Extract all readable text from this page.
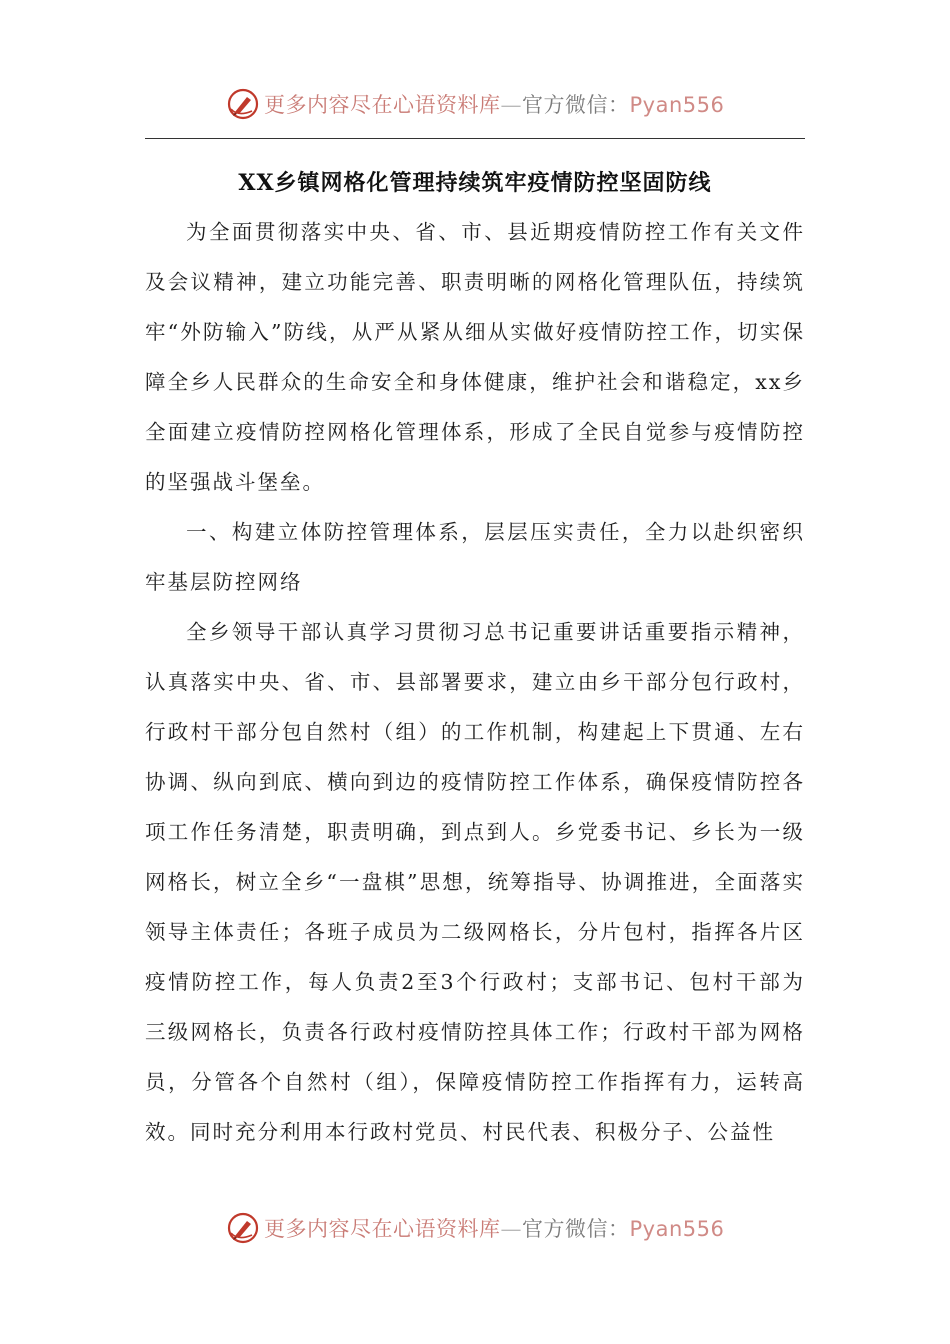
更多内容尽在心语资料库—官方微信：Pyan556
XX乡镇网格化管理持续筑牢疫情防控坚固防线

为全面贯彻落实中央、省、市、县近期疫情防控工作有关文件及会议精神，建立功能完善、职责明晰的网格化管理队伍，持续筑牢“外防输入”防线，从严从紧从细从实做好疫情防控工作，切实保障全乡人民群众的生命安全和身体健康，维护社会和谐稳定，xx乡全面建立疫情防控网格化管理体系，形成了全民自觉参与疫情防控的坚强战斗堡垒。

一、构建立体防控管理体系，层层压实责任，全力以赴织密织牢基层防控网络

全乡领导干部认真学习贯彻习总书记重要讲话重要指示精神，认真落实中央、省、市、县部署要求，建立由乡干部分包行政村，行政村干部分包自然村（组）的工作机制，构建起上下贯通、左右协调、纵向到底、横向到边的疫情防控工作体系，确保疫情防控各项工作任务清楚，职责明确，到点到人。乡党委书记、乡长为一级网格长，树立全乡“一盘棋”思想，统筹指导、协调推进，全面落实领导主体责任；各班子成员为二级网格长，分片包村，指挥各片区疫情防控工作，每人负责2至3个行政村；支部书记、包村干部为三级网格长，负责各行政村疫情防控具体工作；行政村干部为网格员，分管各个自然村（组），保障疫情防控工作指挥有力，运转高效。同时充分利用本行政村党员、村民代表、积极分子、公益性

更多内容尽在心语资料库—官方微信：Pyan556
